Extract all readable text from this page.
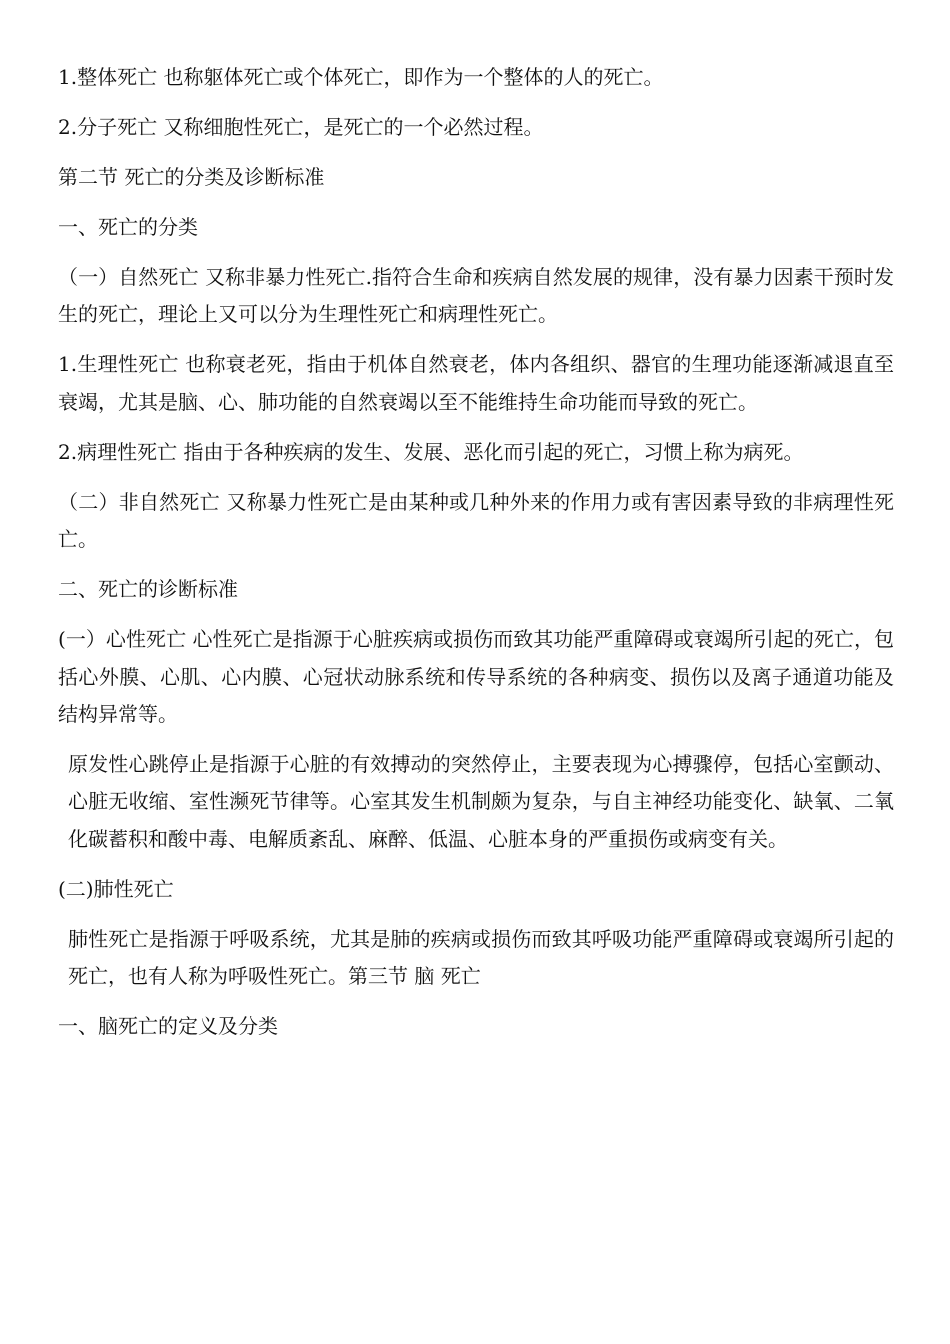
1.整体死亡 也称躯体死亡或个体死亡，即作为一个整体的人的死亡。

2.分子死亡 又称细胞性死亡，是死亡的一个必然过程。

第二节 死亡的分类及诊断标准

一、死亡的分类

（一）自然死亡 又称非暴力性死亡.指符合生命和疾病自然发展的规律，没有暴力因素干预时发生的死亡，理论上又可以分为生理性死亡和病理性死亡。

1.生理性死亡 也称衰老死，指由于机体自然衰老，体内各组织、器官的生理功能逐渐减退直至衰竭，尤其是脑、心、肺功能的自然衰竭以至不能维持生命功能而导致的死亡。

2.病理性死亡 指由于各种疾病的发生、发展、恶化而引起的死亡，习惯上称为病死。

（二）非自然死亡 又称暴力性死亡是由某种或几种外来的作用力或有害因素导致的非病理性死亡。

二、死亡的诊断标准

(一）心性死亡 心性死亡是指源于心脏疾病或损伤而致其功能严重障碍或衰竭所引起的死亡，包括心外膜、心肌、心内膜、心冠状动脉系统和传导系统的各种病变、损伤以及离子通道功能及结构异常等。

原发性心跳停止是指源于心脏的有效搏动的突然停止，主要表现为心搏骤停，包括心室颤动、心脏无收缩、室性濒死节律等。心室其发生机制颇为复杂，与自主神经功能变化、缺氧、二氧化碳蓄积和酸中毒、电解质紊乱、麻醉、低温、心脏本身的严重损伤或病变有关。

(二)肺性死亡

肺性死亡是指源于呼吸系统，尤其是肺的疾病或损伤而致其呼吸功能严重障碍或衰竭所引起的死亡，也有人称为呼吸性死亡。第三节 脑 死亡

一、脑死亡的定义及分类
